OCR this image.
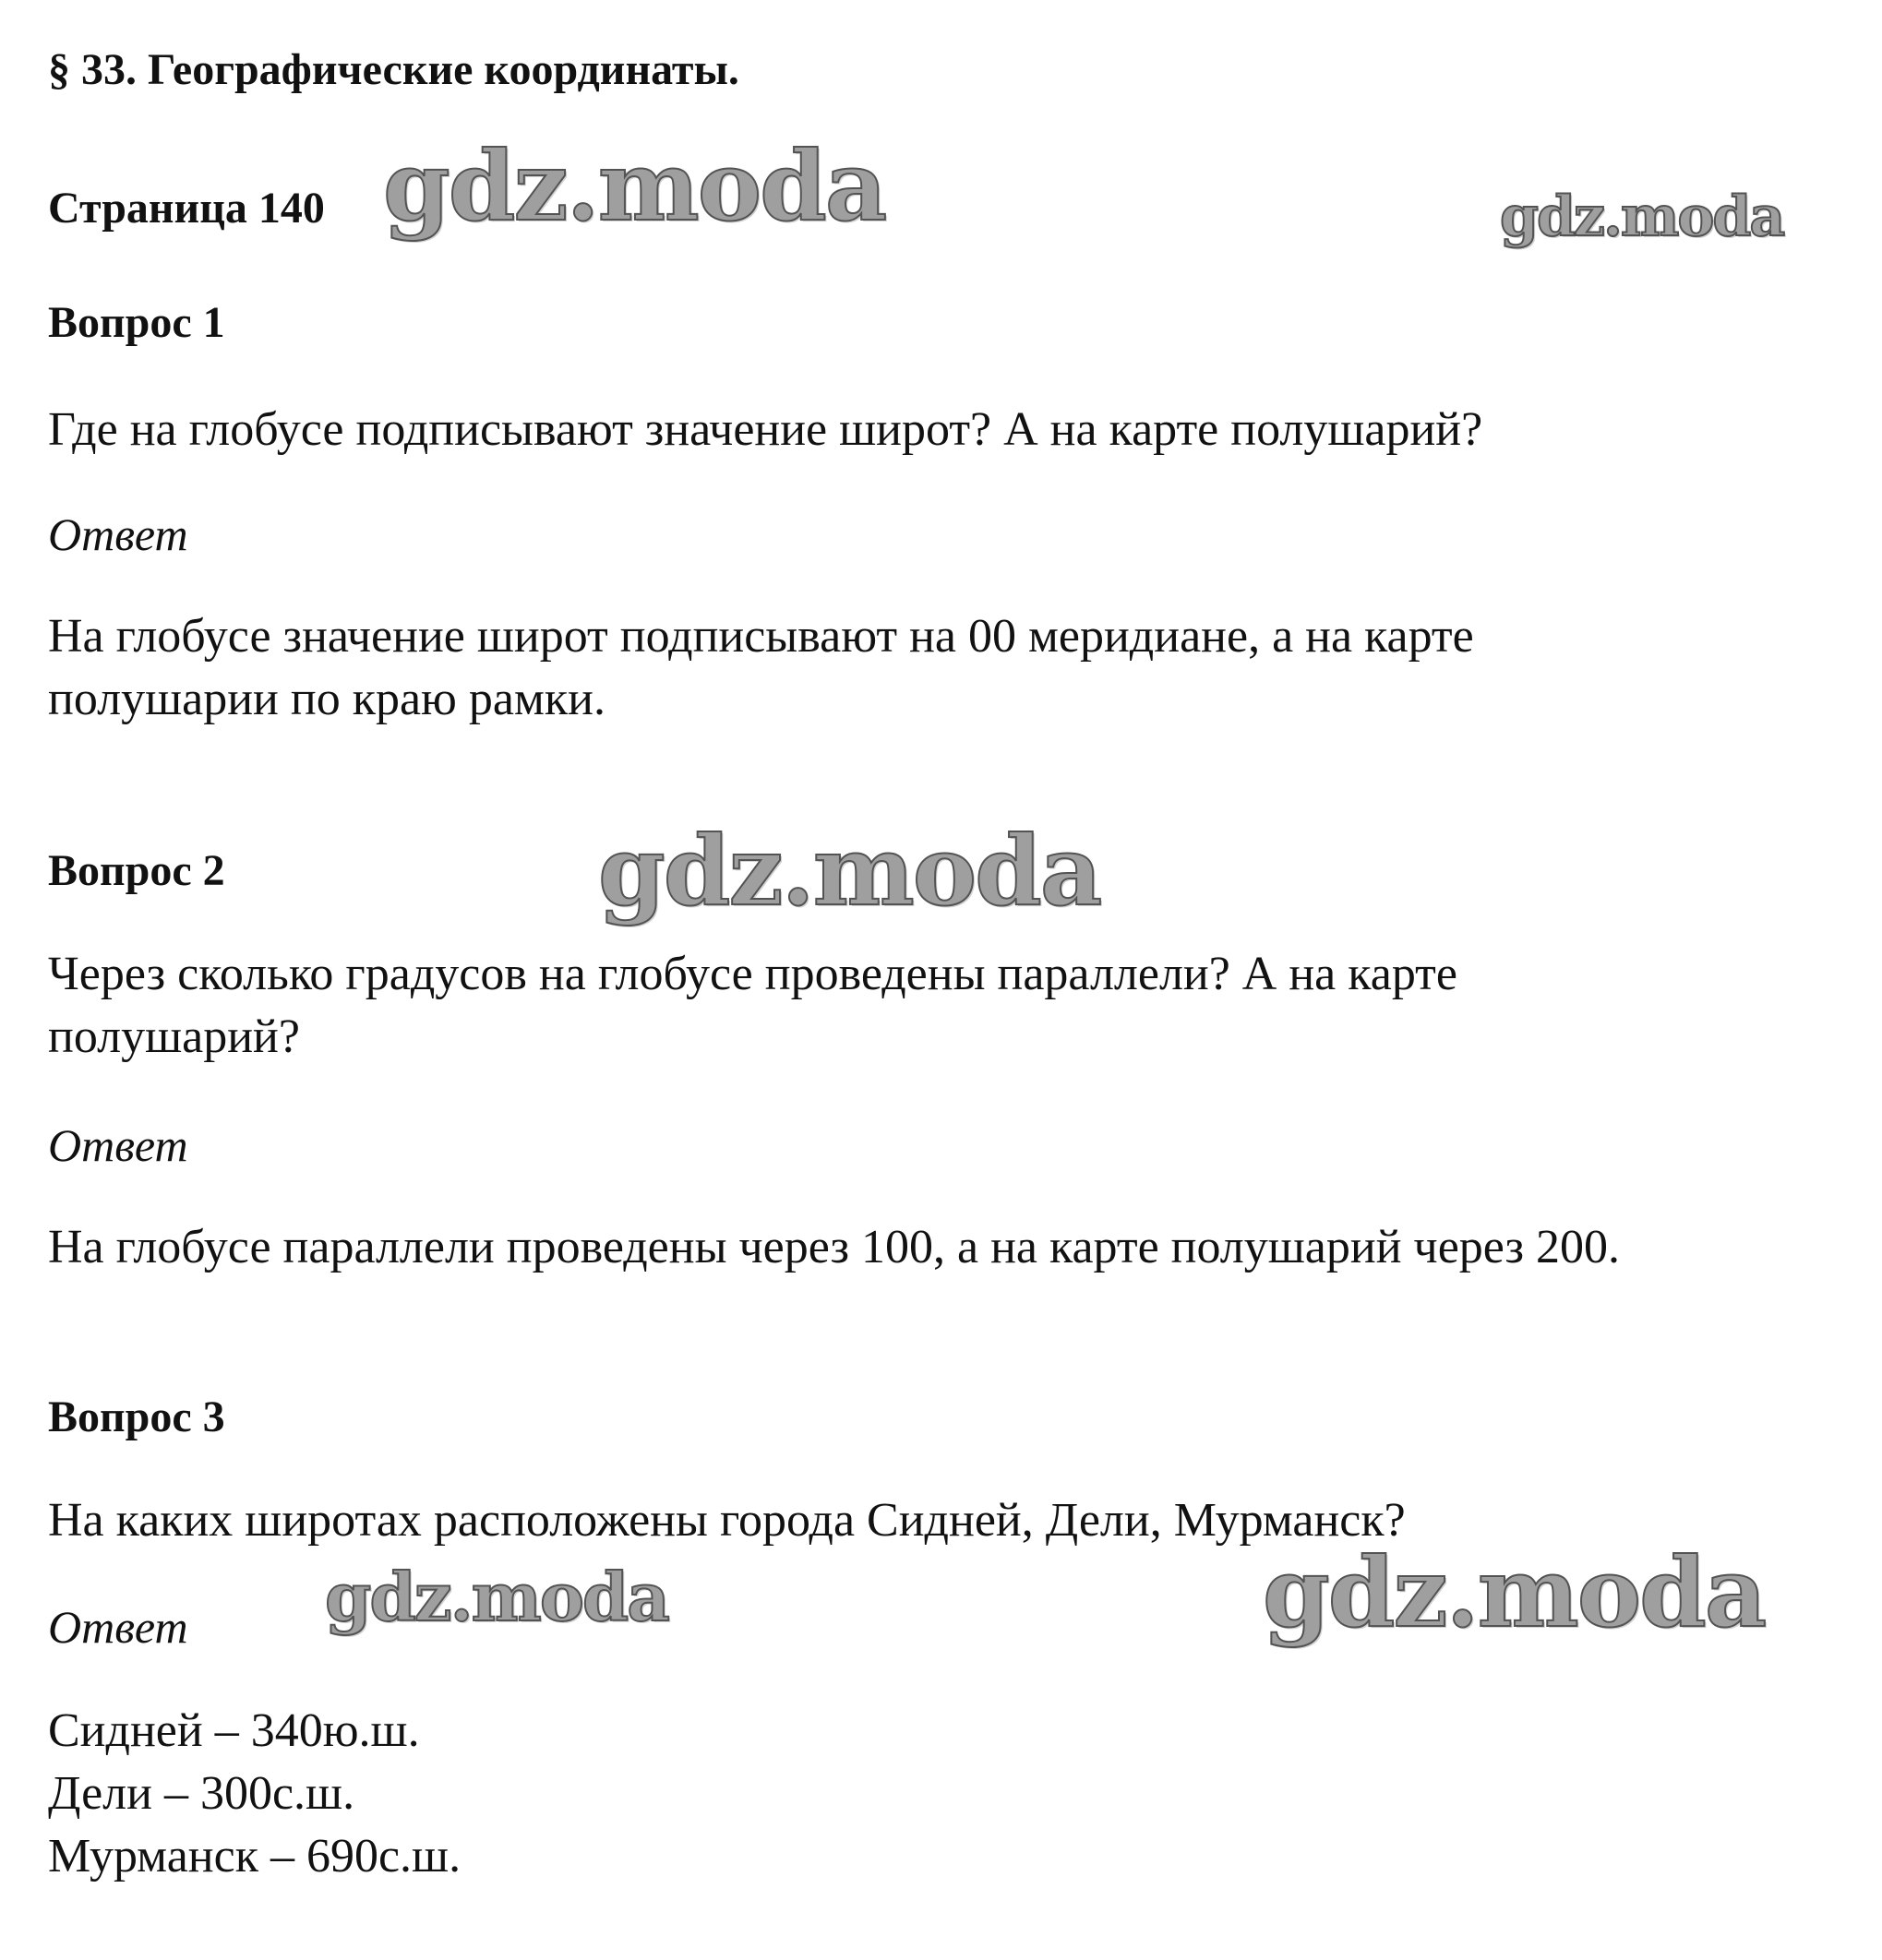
§ 33. Географические координаты.
Страница 140
Вопрос 1
Где на глобусе подписывают значение широт? А на карте полушарий?
Ответ
На глобусе значение широт подписывают на 00 меридиане, а на карте
полушарии по краю рамки.
Вопрос 2
Через сколько градусов на глобусе проведены параллели? А на карте
полушарий?
Ответ
На глобусе параллели проведены через 100, а на карте полушарий через 200.
Вопрос 3
На каких широтах расположены города Сидней, Дели, Мурманск?
Ответ
Сидней – 340ю.ш.
Дели – 300с.ш.
Мурманск – 690с.ш.
gdz.moda	gdz.moda
gdz.moda
gdz.moda	gdz.moda
